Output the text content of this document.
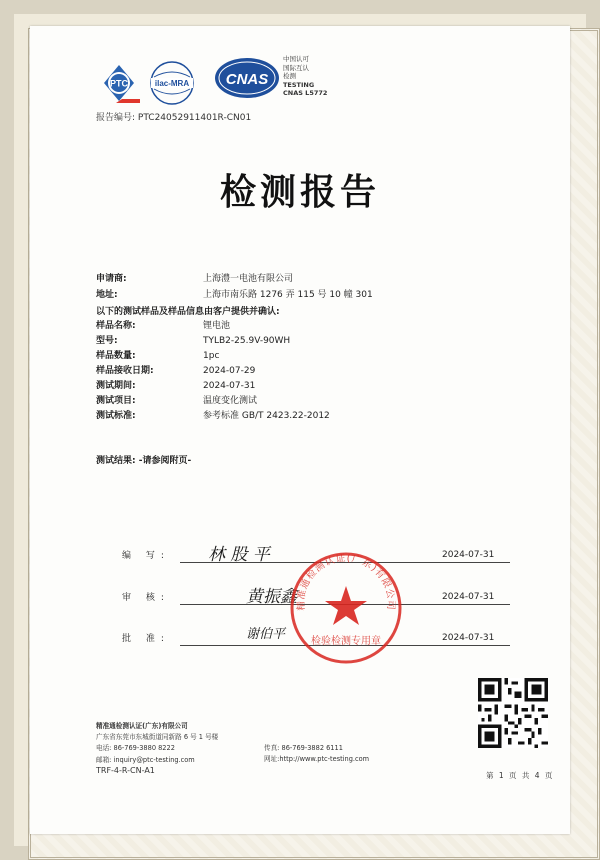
PTC	ilac-MRA CNAS
中国认可
国际互认
检测
TESTING
CNAS L5772
报告编号: PTC24052911401R-CN01
检测报告
申请商:	上海澧一电池有限公司
地址:	上海市南乐路 1276 弄 115 号 10 幢 301
以下的测试样品及样品信息由客户提供并确认:
样品名称:	锂电池
型号:	TYLB2-25.9V-90WH
样品数量:	1pc
样品接收日期:	2024-07-29
测试期间:	2024-07-31
测试项目:	温度变化测试
测试标准:	参考标准 GB/T 2423.22-2012
测试结果: -请参阅附页-
编 写: 林 股 平	2024-07-31
审 核:	黄振鑫	2024-07-31
批 准:	谢伯平	2024-07-31
精准通检测认证(广东)有限公司
检验检测专用章
精准通检测认证(广东)有限公司
广东省东莞市东城街道同新路 6 号 1 号楼
电话: 86-769-3880 8222
邮箱: inquiry@ptc-testing.com
传真: 86-769-3882 6111
网址:http://www.ptc-testing.com
TRF-4-R-CN-A1
第 1 页 共 4 页
